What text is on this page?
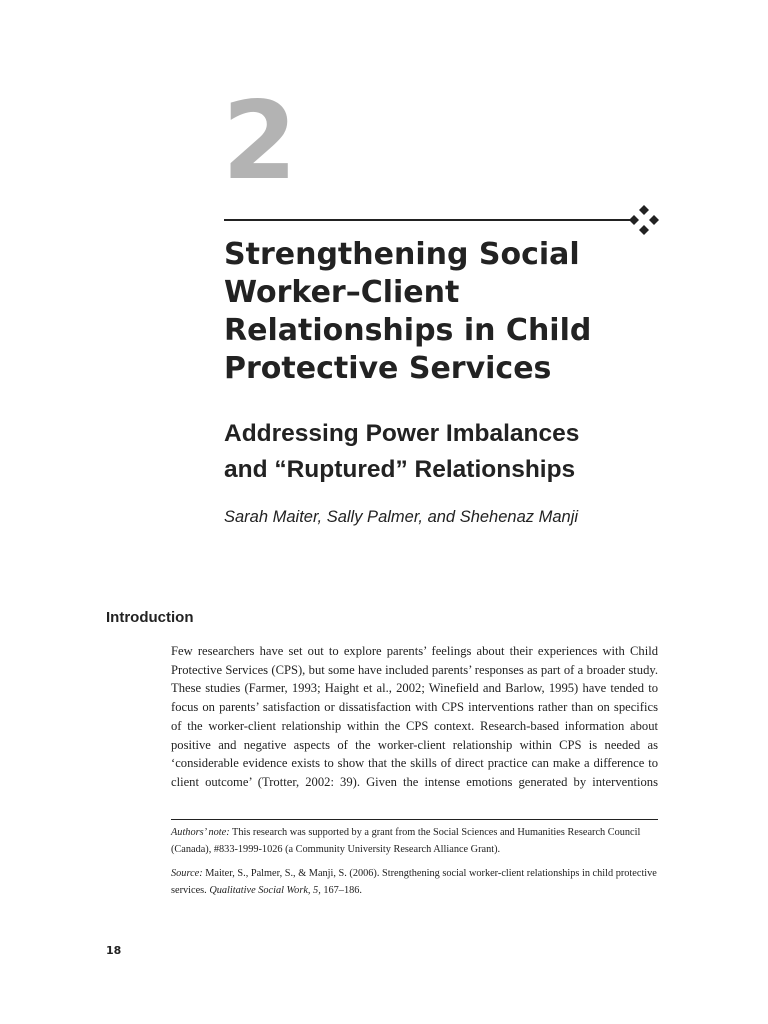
2
Strengthening Social
Worker–Client
Relationships in Child
Protective Services
Addressing Power Imbalances
and “Ruptured” Relationships
Sarah Maiter, Sally Palmer, and Shehenaz Manji
Introduction

Few researchers have set out to explore parents’ feelings about their experiences with Child Protective Services (CPS), but some have included parents’ responses as part of a broader study. These studies (Farmer, 1993; Haight et al., 2002; Winefield and Barlow, 1995) have tended to focus on parents’ satisfaction or dissatisfaction with CPS interventions rather than on specifics of the worker-client relationship within the CPS context. Research-based information about positive and negative aspects of the worker-client relationship within CPS is needed as ‘considerable evidence exists to show that the skills of direct practice can make a difference to client outcome’ (Trotter, 2002: 39). Given the intense emotions generated by interventions

Authors’ note: This research was supported by a grant from the Social Sciences and Humanities Research Council (Canada), #833-1999-1026 (a Community University Research Alliance Grant).

Source: Maiter, S., Palmer, S., & Manji, S. (2006). Strengthening social worker-client relationships in child protective services. Qualitative Social Work, 5, 167–186.

18
